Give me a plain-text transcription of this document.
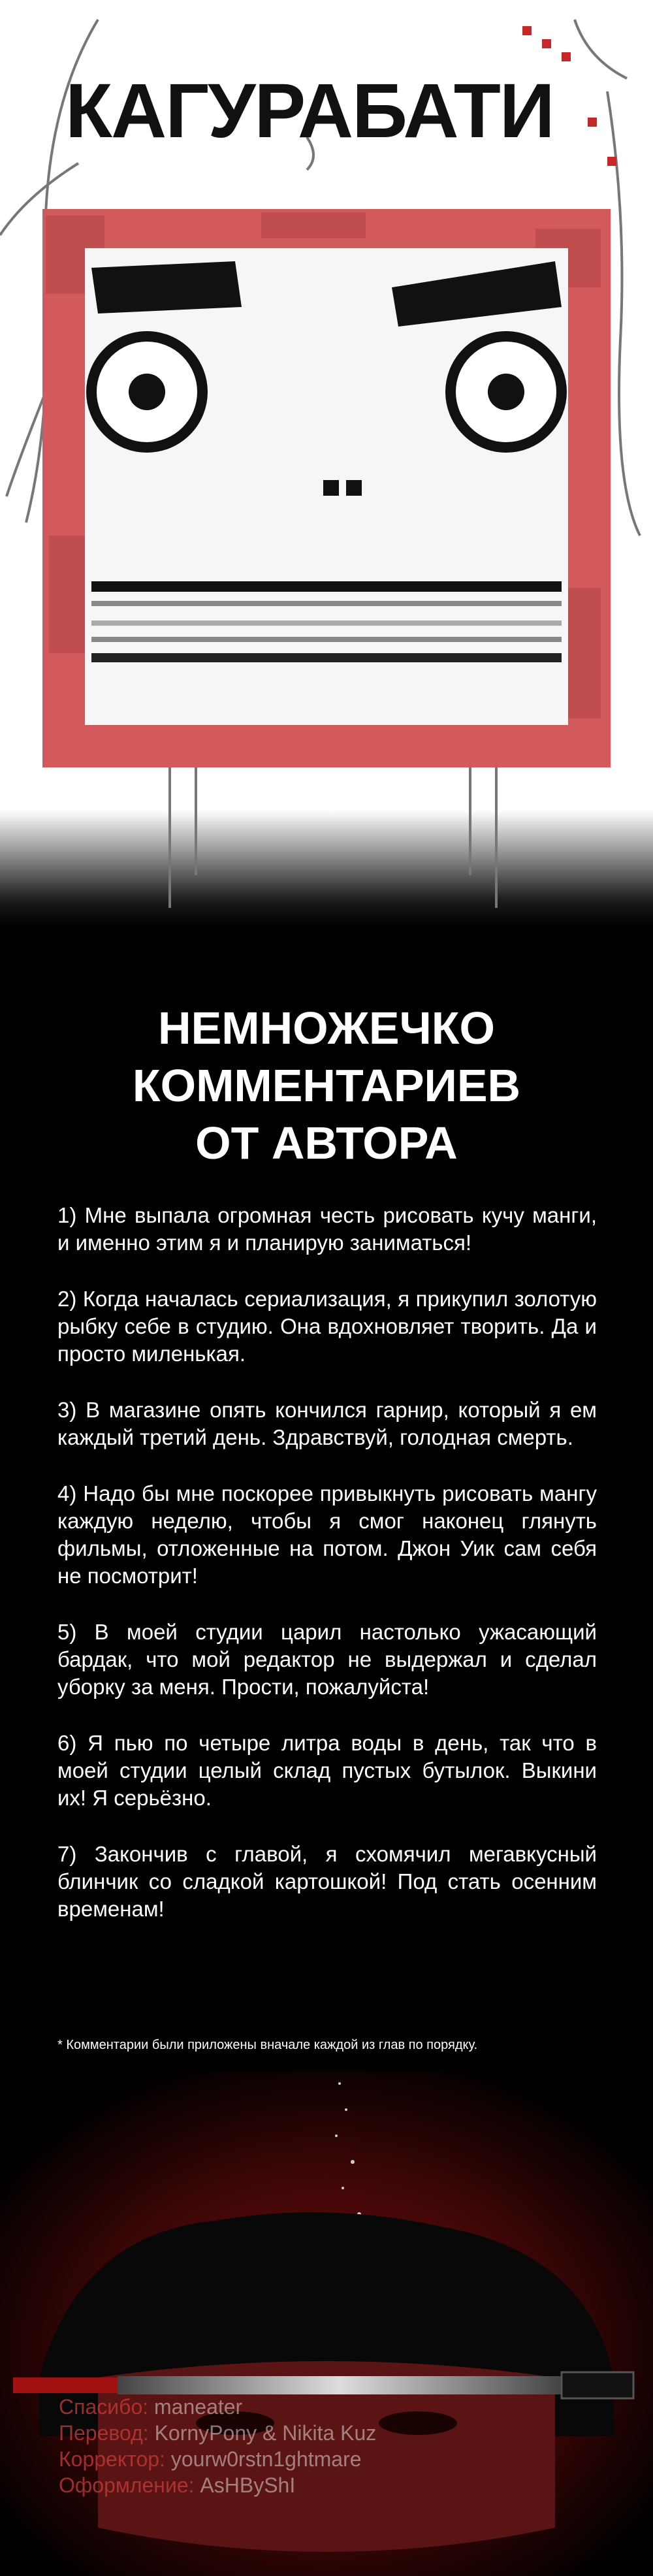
КАГУРАБАТИ
НЕМНОЖЕЧКО
КОММЕНТАРИЕВ
ОТ АВТОРА

1) Мне выпала огромная честь рисовать кучу манги, и именно этим я и планирую заниматься!

2) Когда началась сериализация, я прикупил золотую рыбку себе в студию. Она вдохновляет творить. Да и просто миленькая.

3) В магазине опять кончился гарнир, который я ем каждый третий день. Здравствуй, голодная смерть.

4) Надо бы мне поскорее привыкнуть рисовать мангу каждую неделю, чтобы я смог наконец глянуть фильмы, отложенные на потом. Джон Уик сам себя не посмотрит!

5) В моей студии царил настолько ужасающий бардак, что мой редактор не выдержал и сделал уборку за меня. Прости, пожалуйста!

6) Я пью по четыре литра воды в день, так что в моей студии целый склад пустых бутылок. Выкини их! Я серьёзно.

7) Закончив с главой, я схомячил мегавкусный блинчик со сладкой картошкой! Под стать осенним временам!

* Комментарии были приложены вначале каждой из глав по порядку.
Спасибо: maneater
Перевод: KornyPony & Nikita Kuz
Корректор: yourw0rstn1ghtmare
Оформление: AsHByShI
